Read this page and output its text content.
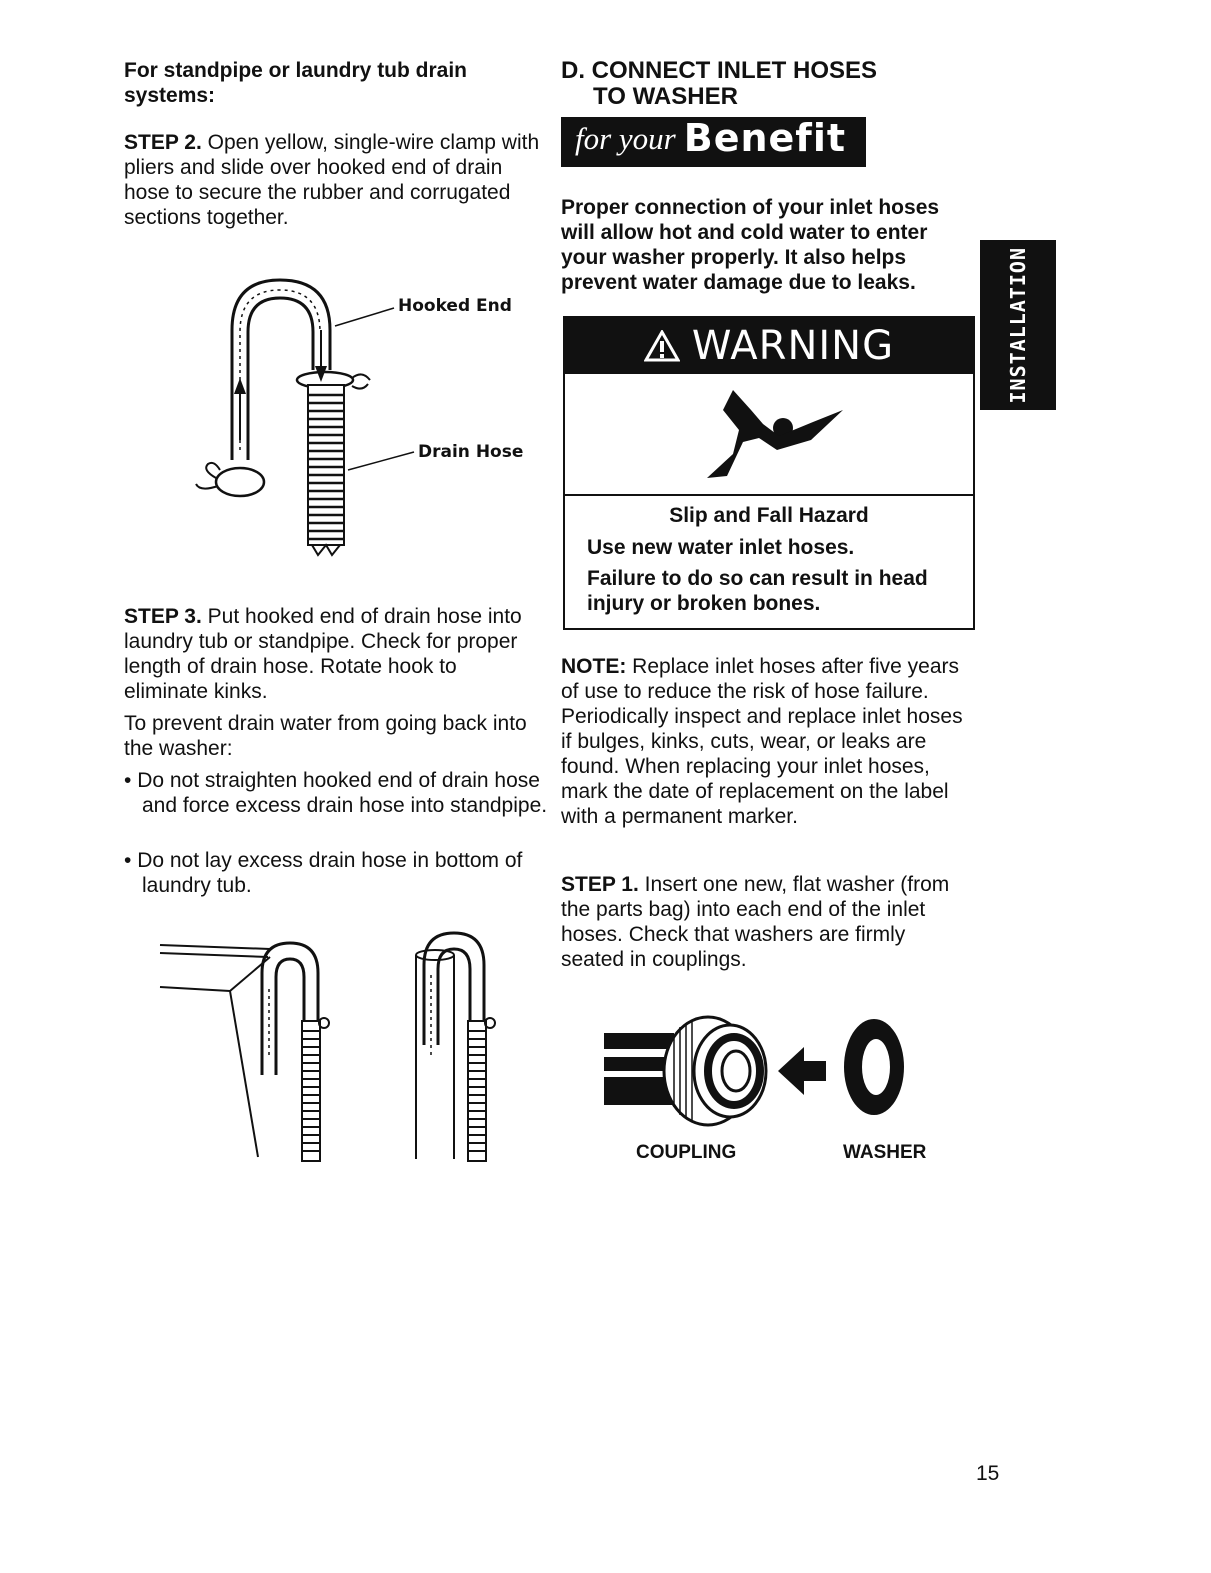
For standpipe or laundry tub drain systems:

STEP 2. Open yellow, single-wire clamp with pliers and slide over hooked end of drain hose to secure the rubber and corrugated sections together.

Hooked End
Drain Hose

STEP 3. Put hooked end of drain hose into laundry tub or standpipe. Check for proper length of drain hose. Rotate hook to eliminate kinks.

To prevent drain water from going back into the washer:

• Do not straighten hooked end of drain hose and force excess drain hose into standpipe.

• Do not lay excess drain hose in bottom of laundry tub.

D. CONNECT INLET HOSES
TO WASHER
for your Benefit

Proper connection of your inlet hoses will allow hot and cold water to enter your washer properly. It also helps prevent water damage due to leaks.

WARNING
Slip and Fall Hazard
Use new water inlet hoses.
Failure to do so can result in head injury or broken bones.

NOTE: Replace inlet hoses after five years of use to reduce the risk of hose failure. Periodically inspect and replace inlet hoses if bulges, kinks, cuts, wear, or leaks are found. When replacing your inlet hoses, mark the date of replacement on the label with a permanent marker.

STEP 1. Insert one new, flat washer (from the parts bag) into each end of the inlet hoses. Check that washers are firmly seated in couplings.

COUPLING	WASHER
INSTALLATION
15
